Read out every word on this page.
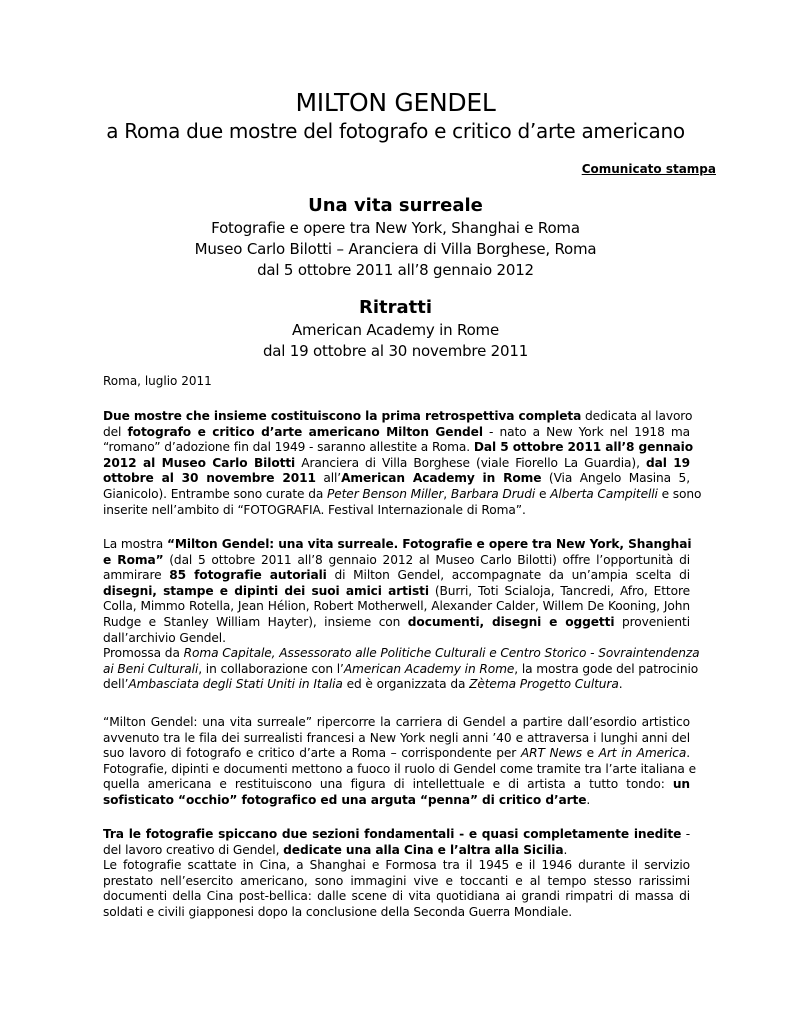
MILTON GENDEL
a Roma due mostre del fotografo e critico d’arte americano
Comunicato stampa
Una vita surreale
Fotografie e opere tra New York, Shanghai e Roma
Museo Carlo Bilotti – Aranciera di Villa Borghese, Roma
dal 5 ottobre 2011 all’8 gennaio 2012
Ritratti
American Academy in Rome
dal 19 ottobre al 30 novembre 2011
Roma, luglio 2011
Due mostre che insieme costituiscono la prima retrospettiva completa dedicata al lavoro
del fotografo e critico d’arte americano Milton Gendel - nato a New York nel 1918 ma
“romano” d’adozione fin dal 1949 - saranno allestite a Roma. Dal 5 ottobre 2011 all’8 gennaio
2012 al Museo Carlo Bilotti Aranciera di Villa Borghese (viale Fiorello La Guardia), dal 19
ottobre al 30 novembre 2011 all’American Academy in Rome (Via Angelo Masina 5,
Gianicolo). Entrambe sono curate da Peter Benson Miller, Barbara Drudi e Alberta Campitelli e sono
inserite nell’ambito di “FOTOGRAFIA. Festival Internazionale di Roma”.
La mostra “Milton Gendel: una vita surreale. Fotografie e opere tra New York, Shanghai
e Roma” (dal 5 ottobre 2011 all’8 gennaio 2012 al Museo Carlo Bilotti) offre l’opportunità di
ammirare 85 fotografie autoriali di Milton Gendel, accompagnate da un’ampia scelta di
disegni, stampe e dipinti dei suoi amici artisti (Burri, Toti Scialoja, Tancredi, Afro, Ettore
Colla, Mimmo Rotella, Jean Hélion, Robert Motherwell, Alexander Calder, Willem De Kooning, John
Rudge e Stanley William Hayter), insieme con documenti, disegni e oggetti provenienti
dall’archivio Gendel.
Promossa da Roma Capitale, Assessorato alle Politiche Culturali e Centro Storico - Sovraintendenza
ai Beni Culturali, in collaborazione con l’American Academy in Rome, la mostra gode del patrocinio
dell’Ambasciata degli Stati Uniti in Italia ed è organizzata da Zètema Progetto Cultura.
“Milton Gendel: una vita surreale” ripercorre la carriera di Gendel a partire dall’esordio artistico
avvenuto tra le fila dei surrealisti francesi a New York negli anni ’40 e attraversa i lunghi anni del
suo lavoro di fotografo e critico d’arte a Roma – corrispondente per ART News e Art in America.
Fotografie, dipinti e documenti mettono a fuoco il ruolo di Gendel come tramite tra l’arte italiana e
quella americana e restituiscono una figura di intellettuale e di artista a tutto tondo: un
sofisticato “occhio” fotografico ed una arguta “penna” di critico d’arte.
Tra le fotografie spiccano due sezioni fondamentali - e quasi completamente inedite -
del lavoro creativo di Gendel, dedicate una alla Cina e l’altra alla Sicilia.
Le fotografie scattate in Cina, a Shanghai e Formosa tra il 1945 e il 1946 durante il servizio
prestato nell’esercito americano, sono immagini vive e toccanti e al tempo stesso rarissimi
documenti della Cina post-bellica: dalle scene di vita quotidiana ai grandi rimpatri di massa di
soldati e civili giapponesi dopo la conclusione della Seconda Guerra Mondiale.
